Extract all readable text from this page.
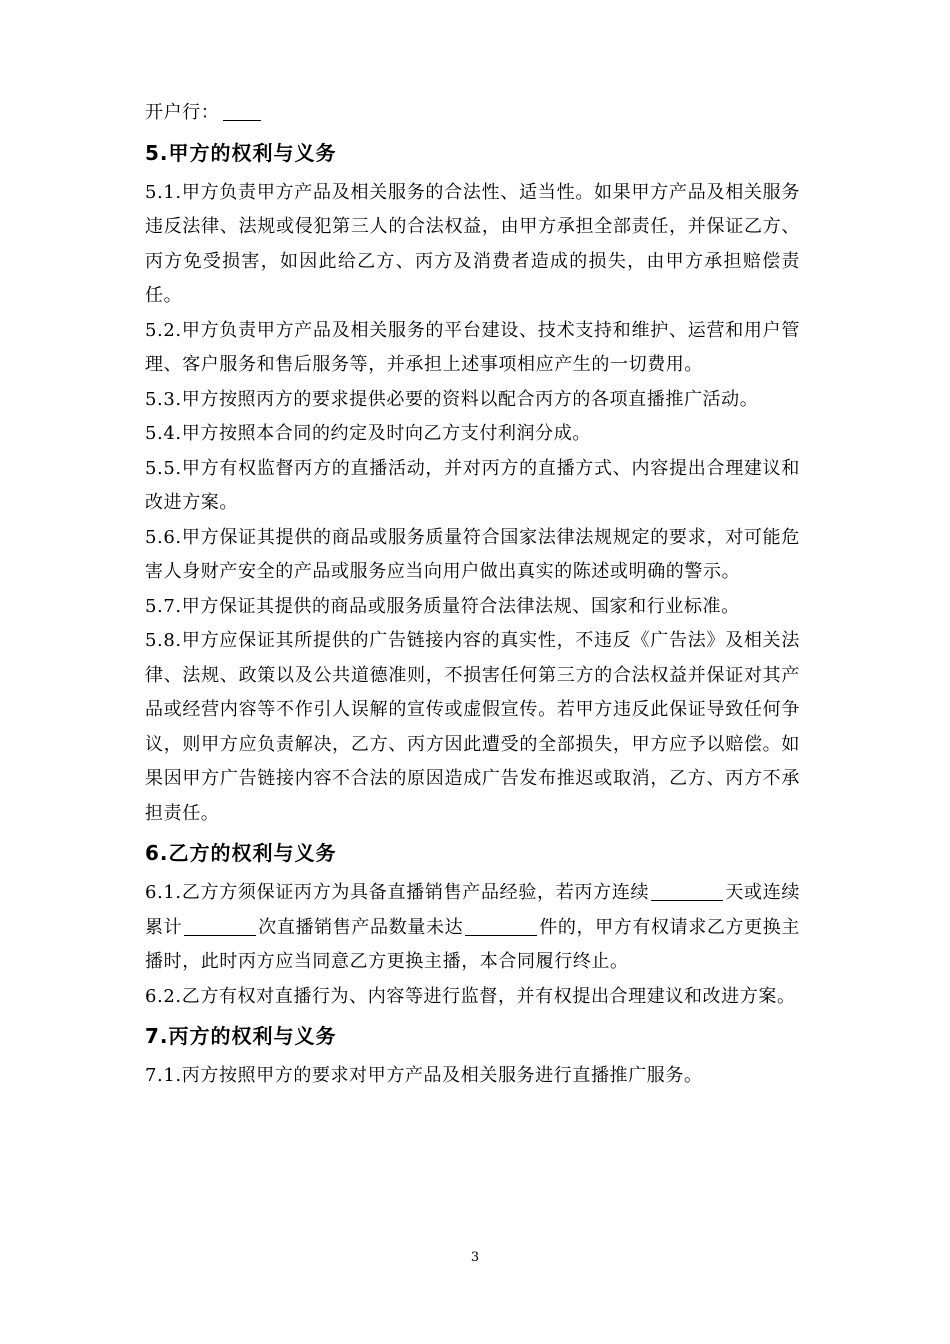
开户行：

5.甲方的权利与义务

5.1.甲方负责甲方产品及相关服务的合法性、适当性。如果甲方产品及相关服务违反法律、法规或侵犯第三人的合法权益，由甲方承担全部责任，并保证乙方、丙方免受损害，如因此给乙方、丙方及消费者造成的损失，由甲方承担赔偿责任。

5.2.甲方负责甲方产品及相关服务的平台建设、技术支持和维护、运营和用户管理、客户服务和售后服务等，并承担上述事项相应产生的一切费用。

5.3.甲方按照丙方的要求提供必要的资料以配合丙方的各项直播推广活动。

5.4.甲方按照本合同的约定及时向乙方支付利润分成。

5.5.甲方有权监督丙方的直播活动，并对丙方的直播方式、内容提出合理建议和改进方案。

5.6.甲方保证其提供的商品或服务质量符合国家法律法规规定的要求，对可能危害人身财产安全的产品或服务应当向用户做出真实的陈述或明确的警示。

5.7.甲方保证其提供的商品或服务质量符合法律法规、国家和行业标准。

5.8.甲方应保证其所提供的广告链接内容的真实性，不违反《广告法》及相关法律、法规、政策以及公共道德准则，不损害任何第三方的合法权益并保证对其产品或经营内容等不作引人误解的宣传或虚假宣传。若甲方违反此保证导致任何争议，则甲方应负责解决，乙方、丙方因此遭受的全部损失，甲方应予以赔偿。如果因甲方广告链接内容不合法的原因造成广告发布推迟或取消，乙方、丙方不承担责任。

6.乙方的权利与义务

6.1.乙方方须保证丙方为具备直播销售产品经验，若丙方连续	天或连续累计	次直播销售产品数量未达	件的，甲方有权请求乙方更换主播时，此时丙方应当同意乙方更换主播，本合同履行终止。

6.2.乙方有权对直播行为、内容等进行监督，并有权提出合理建议和改进方案。

7.丙方的权利与义务

7.1.丙方按照甲方的要求对甲方产品及相关服务进行直播推广服务。

3
